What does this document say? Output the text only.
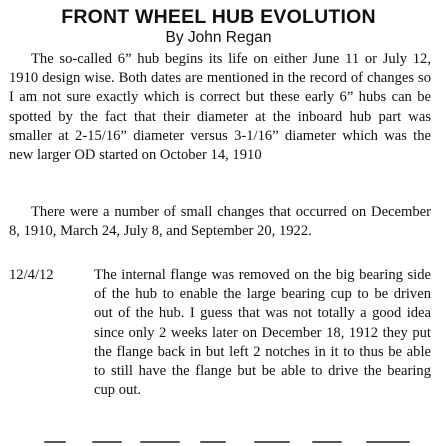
FRONT WHEEL HUB EVOLUTION
By John Regan

The so-called 6” hub begins its life on either June 11 or July 12, 1910 design wise. Both dates are mentioned in the record of changes so I am not sure exactly which is correct but these early 6” hubs can be spotted by the fact that their diameter at the inboard hub part was smaller at 2-15/16” diameter versus 3-1/16” diameter which was the new larger OD started on October 14, 1910

There were a number of small changes that occurred on December 8, 1910, March 24, July 8, and September 20, 1922.

12/4/12	The internal flange was removed on the big bearing side of the hub to enable the large bearing cup to be driven out of the hub. I guess that was not totally a good idea since only 2 weeks later on December 18, 1912 they put the flange back in but left 2 notches in it to thus be able to still have the flange but be able to drive the bearing cup out.
